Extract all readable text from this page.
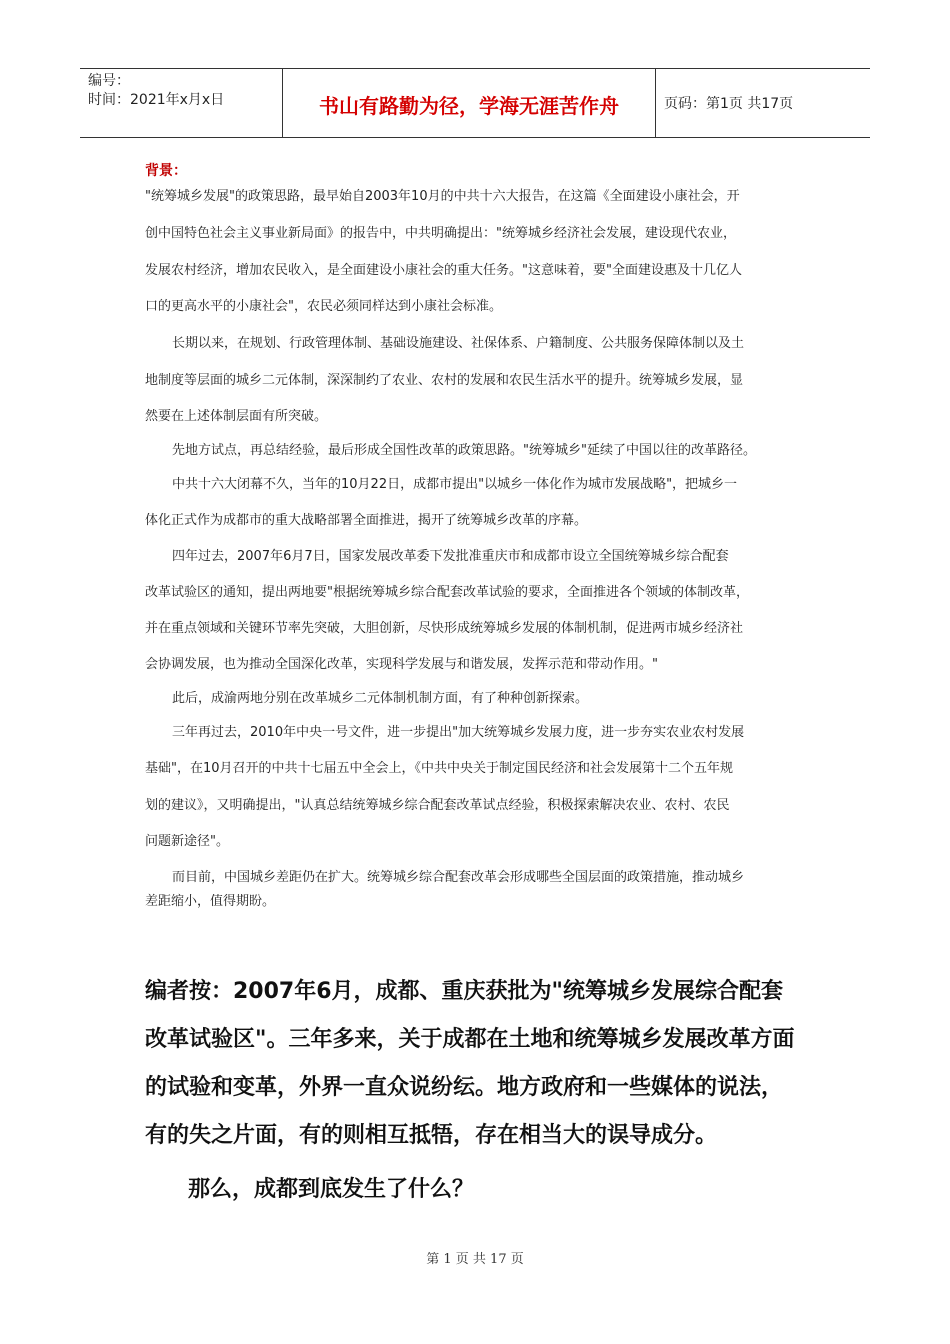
编号：
时间：2021年x月x日	书山有路勤为径，学海无涯苦作舟	页码：第1页 共17页
背景：

"统筹城乡发展"的政策思路，最早始自2003年10月的中共十六大报告，在这篇《全面建设小康社会，开

创中国特色社会主义事业新局面》的报告中，中共明确提出："统筹城乡经济社会发展，建设现代农业，

发展农村经济，增加农民收入，是全面建设小康社会的重大任务。"这意味着，要"全面建设惠及十几亿人

口的更高水平的小康社会"，农民必须同样达到小康社会标准。

长期以来，在规划、行政管理体制、基础设施建设、社保体系、户籍制度、公共服务保障体制以及土

地制度等层面的城乡二元体制，深深制约了农业、农村的发展和农民生活水平的提升。统筹城乡发展，显

然要在上述体制层面有所突破。

先地方试点，再总结经验，最后形成全国性改革的政策思路。"统筹城乡"延续了中国以往的改革路径。

中共十六大闭幕不久，当年的10月22日，成都市提出"以城乡一体化作为城市发展战略"，把城乡一

体化正式作为成都市的重大战略部署全面推进，揭开了统筹城乡改革的序幕。

四年过去，2007年6月7日，国家发展改革委下发批准重庆市和成都市设立全国统筹城乡综合配套

改革试验区的通知，提出两地要"根据统筹城乡综合配套改革试验的要求，全面推进各个领域的体制改革，

并在重点领域和关键环节率先突破，大胆创新，尽快形成统筹城乡发展的体制机制，促进两市城乡经济社

会协调发展，也为推动全国深化改革，实现科学发展与和谐发展，发挥示范和带动作用。"

此后，成渝两地分别在改革城乡二元体制机制方面，有了种种创新探索。

三年再过去，2010年中央一号文件，进一步提出"加大统筹城乡发展力度，进一步夯实农业农村发展

基础"，在10月召开的中共十七届五中全会上，《中共中央关于制定国民经济和社会发展第十二个五年规

划的建议》，又明确提出，"认真总结统筹城乡综合配套改革试点经验，积极探索解决农业、农村、农民

问题新途径"。

而目前，中国城乡差距仍在扩大。统筹城乡综合配套改革会形成哪些全国层面的政策措施，推动城乡

差距缩小，值得期盼。

编者按：2007年6月，成都、重庆获批为"统筹城乡发展综合配套

改革试验区"。三年多来，关于成都在土地和统筹城乡发展改革方面

的试验和变革，外界一直众说纷纭。地方政府和一些媒体的说法，

有的失之片面，有的则相互抵牾，存在相当大的误导成分。

那么，成都到底发生了什么？

第 1 页 共 17 页
